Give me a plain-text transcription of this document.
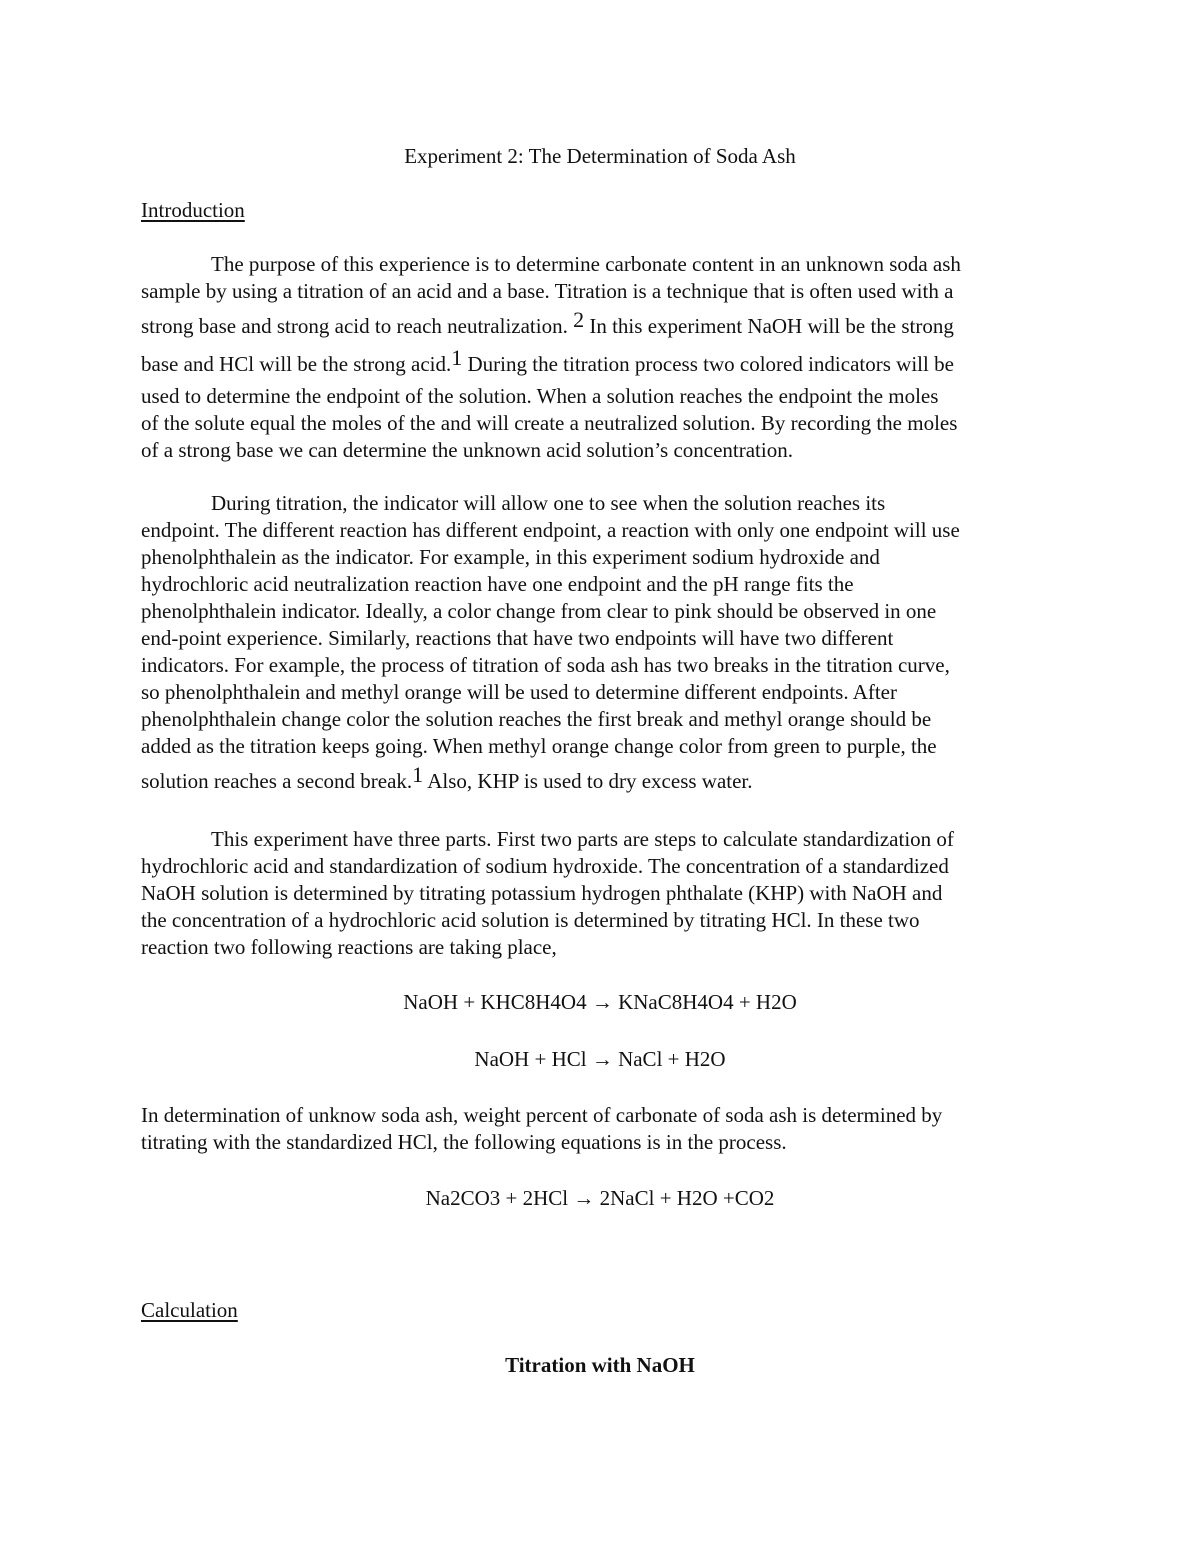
Experiment 2: The Determination of Soda Ash
Introduction
The purpose of this experience is to determine carbonate content in an unknown soda ash
sample by using a titration of an acid and a base. Titration is a technique that is often used with a
strong base and strong acid to reach neutralization. $^2$ In this experiment NaOH will be the strong
base and HCl will be the strong acid.$^1$ During the titration process two colored indicators will be
used to determine the endpoint of the solution. When a solution reaches the endpoint the moles
of the solute equal the moles of the and will create a neutralized solution. By recording the moles
of a strong base we can determine the unknown acid solution’s concentration.
During titration, the indicator will allow one to see when the solution reaches its
endpoint. The different reaction has different endpoint, a reaction with only one endpoint will use
phenolphthalein as the indicator. For example, in this experiment sodium hydroxide and
hydrochloric acid neutralization reaction have one endpoint and the pH range fits the
phenolphthalein indicator. Ideally, a color change from clear to pink should be observed in one
end-point experience. Similarly, reactions that have two endpoints will have two different
indicators. For example, the process of titration of soda ash has two breaks in the titration curve,
so phenolphthalein and methyl orange will be used to determine different endpoints. After
phenolphthalein change color the solution reaches the first break and methyl orange should be
added as the titration keeps going. When methyl orange change color from green to purple, the
solution reaches a second break.$^1$ Also, KHP is used to dry excess water.
This experiment have three parts. First two parts are steps to calculate standardization of
hydrochloric acid and standardization of sodium hydroxide. The concentration of a standardized
NaOH solution is determined by titrating potassium hydrogen phthalate (KHP) with NaOH and
the concentration of a hydrochloric acid solution is determined by titrating HCl. In these two
reaction two following reactions are taking place,
NaOH + KHC8H4O4 → KNaC8H4O4 + H2O
NaOH + HCl → NaCl + H2O
In determination of unknow soda ash, weight percent of carbonate of soda ash is determined by
titrating with the standardized HCl, the following equations is in the process.
Na2CO3 + 2HCl → 2NaCl + H2O +CO2
Calculation
Titration with NaOH
